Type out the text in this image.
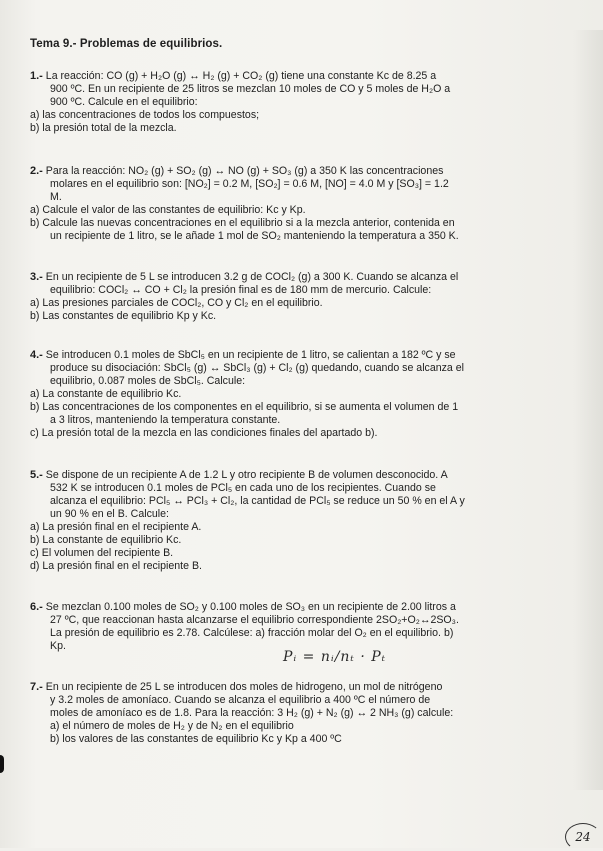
Tema 9.- Problemas de equilibrios.
1.- La reacción: CO (g) + H₂O (g) ↔ H₂ (g) + CO₂ (g) tiene una constante Kc de 8.25 a
900 ºC. En un recipiente de 25 litros se mezclan 10 moles de CO y 5 moles de H₂O a
900 ºC. Calcule en el equilibrio:
a) las concentraciones de todos los compuestos;
b) la presión total de la mezcla.
2.- Para la reacción: NO₂ (g) + SO₂ (g) ↔ NO (g) + SO₃ (g) a 350 K las concentraciones
molares en el equilibrio son: [NO₂] = 0.2 M, [SO₂] = 0.6 M, [NO] = 4.0 M y [SO₃] = 1.2
M.
a) Calcule el valor de las constantes de equilibrio: Kc y Kp.
b) Calcule las nuevas concentraciones en el equilibrio si a la mezcla anterior, contenida en
un recipiente de 1 litro, se le añade 1 mol de SO₂ manteniendo la temperatura a 350 K.
3.- En un recipiente de 5 L se introducen 3.2 g de COCl₂ (g) a 300 K. Cuando se alcanza el
equilibrio: COCl₂ ↔ CO + Cl₂ la presión final es de 180 mm de mercurio. Calcule:
a) Las presiones parciales de COCl₂, CO y Cl₂ en el equilibrio.
b) Las constantes de equilibrio Kp y Kc.
4.- Se introducen 0.1 moles de SbCl₅ en un recipiente de 1 litro, se calientan a 182 ºC y se
produce su disociación: SbCl₅ (g) ↔ SbCl₃ (g) + Cl₂ (g) quedando, cuando se alcanza el
equilibrio, 0.087 moles de SbCl₅. Calcule:
a) La constante de equilibrio Kc.
b) Las concentraciones de los componentes en el equilibrio, si se aumenta el volumen de 1
a 3 litros, manteniendo la temperatura constante.
c) La presión total de la mezcla en las condiciones finales del apartado b).
5.- Se dispone de un recipiente A de 1.2 L y otro recipiente B de volumen desconocido. A
532 K se introducen 0.1 moles de PCl₅ en cada uno de los recipientes. Cuando se
alcanza el equilibrio: PCl₅ ↔ PCl₃ + Cl₂, la cantidad de PCl₅ se reduce un 50 % en el A y
un 90 % en el B. Calcule:
a) La presión final en el recipiente A.
b) La constante de equilibrio Kc.
c) El volumen del recipiente B.
d) La presión final en el recipiente B.
6.- Se mezclan 0.100 moles de SO₂ y 0.100 moles de SO₃ en un recipiente de 2.00 litros a
27 ºC, que reaccionan hasta alcanzarse el equilibrio correspondiente 2SO₂+O₂↔2SO₃.
La presión de equilibrio es 2.78. Calcúlese: a) fracción molar del O₂ en el equilibrio. b)
Kp.
Pᵢ = nᵢ/nₜ · Pₜ
7.- En un recipiente de 25 L se introducen dos moles de hidrogeno, un mol de nitrógeno
y 3.2 moles de amoníaco. Cuando se alcanza el equilibrio a 400 ºC el número de
moles de amoníaco es de 1.8. Para la reacción: 3 H₂ (g) + N₂ (g) ↔ 2 NH₃ (g) calcule:
a) el número de moles de H₂ y de N₂ en el equilibrio
b) los valores de las constantes de equilibrio Kc y Kp a 400 ºC
24
